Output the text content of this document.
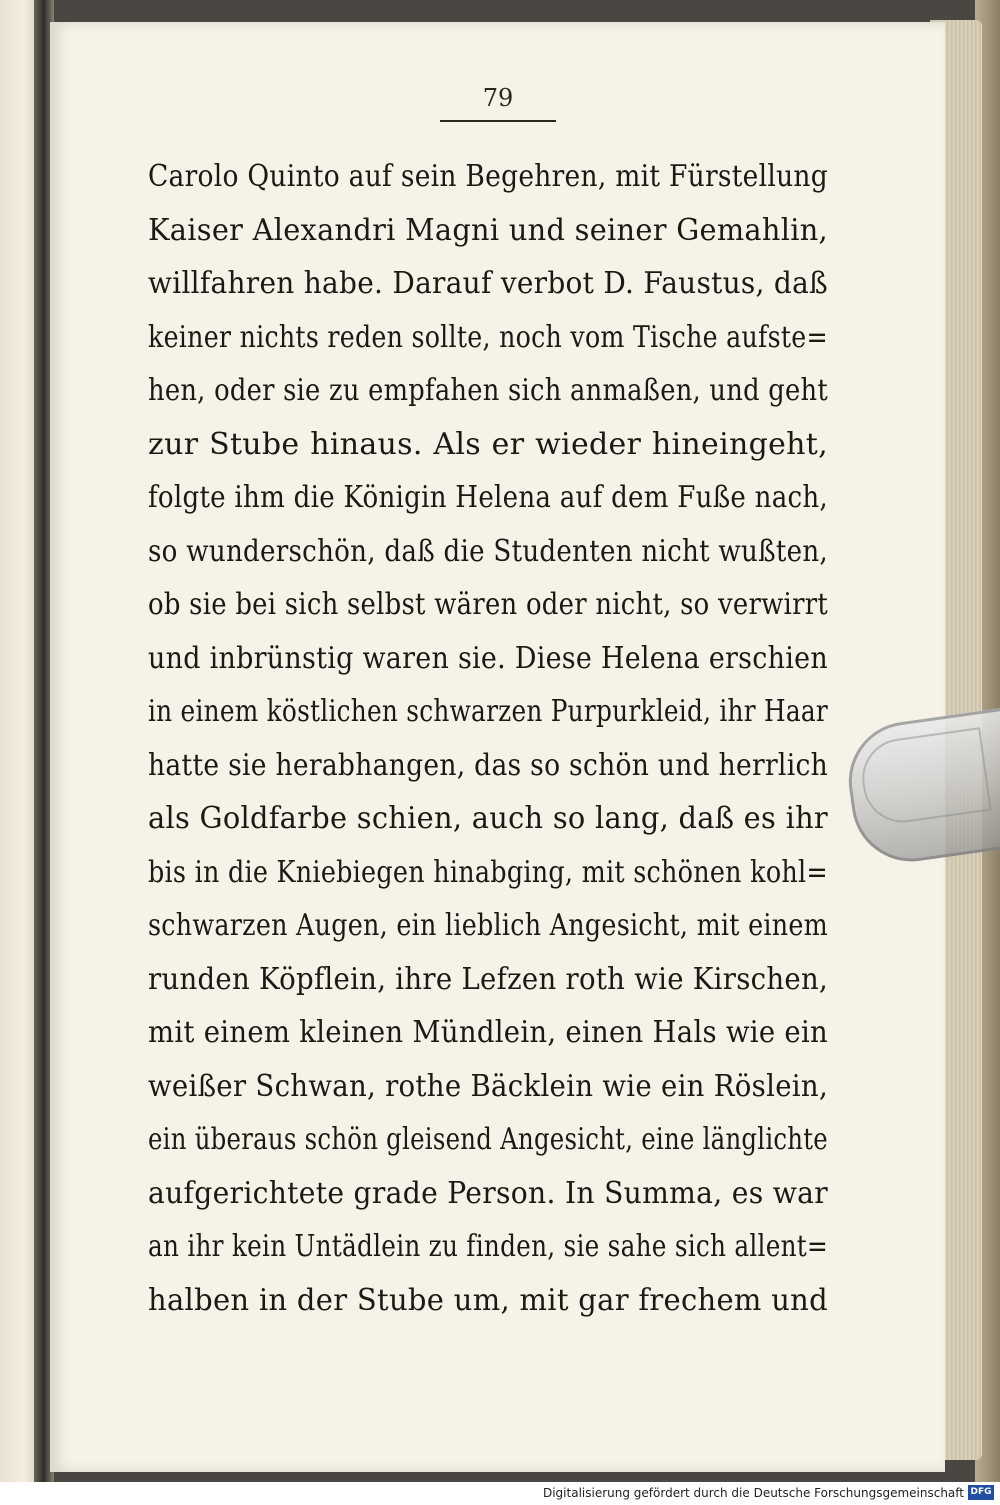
79
Carolo Quinto auf sein Begehren, mit Fürstellung
Kaiser Alexandri Magni und seiner Gemahlin,
willfahren habe. Darauf verbot D. Faustus, daß
keiner nichts reden sollte, noch vom Tische aufste=
hen, oder sie zu empfahen sich anmaßen, und geht
zur Stube hinaus. Als er wieder hineingeht,
folgte ihm die Königin Helena auf dem Fuße nach,
so wunderschön, daß die Studenten nicht wußten,
ob sie bei sich selbst wären oder nicht, so verwirrt
und inbrünstig waren sie. Diese Helena erschien
in einem köstlichen schwarzen Purpurkleid, ihr Haar
hatte sie herabhangen, das so schön und herrlich
als Goldfarbe schien, auch so lang, daß es ihr
bis in die Kniebiegen hinabging, mit schönen kohl=
schwarzen Augen, ein lieblich Angesicht, mit einem
runden Köpflein, ihre Lefzen roth wie Kirschen,
mit einem kleinen Mündlein, einen Hals wie ein
weißer Schwan, rothe Bäcklein wie ein Röslein,
ein überaus schön gleisend Angesicht, eine länglichte
aufgerichtete grade Person. In Summa, es war
an ihr kein Untädlein zu finden, sie sahe sich allent=
halben in der Stube um, mit gar frechem und
Digitalisierung gefördert durch die Deutsche Forschungsgemeinschaft DFG
